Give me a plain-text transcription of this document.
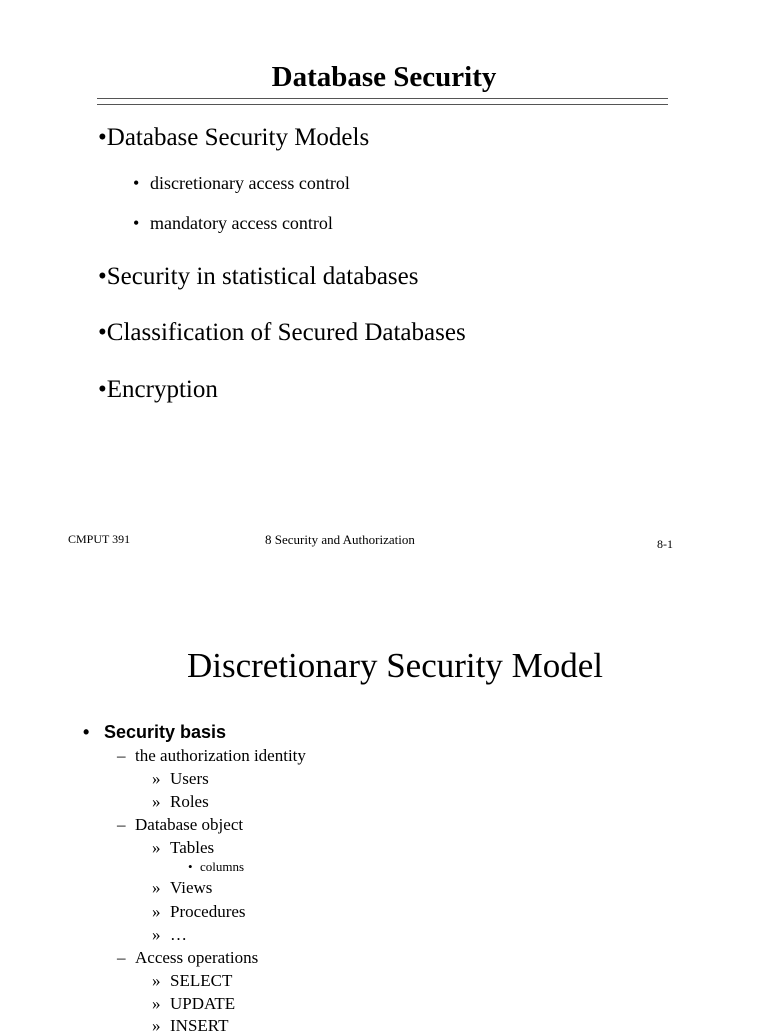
Database Security
•Database Security Models
• discretionary access control
• mandatory access control
•Security in statistical databases
•Classification of Secured Databases
•Encryption
CMPUT 391	8 Security and Authorization	8-1
Discretionary Security Model
• Security basis
– the authorization identity
» Users
» Roles
– Database object
» Tables
• columns
» Views
» Procedures
» …
– Access operations
» SELECT
» UPDATE
» INSERT
